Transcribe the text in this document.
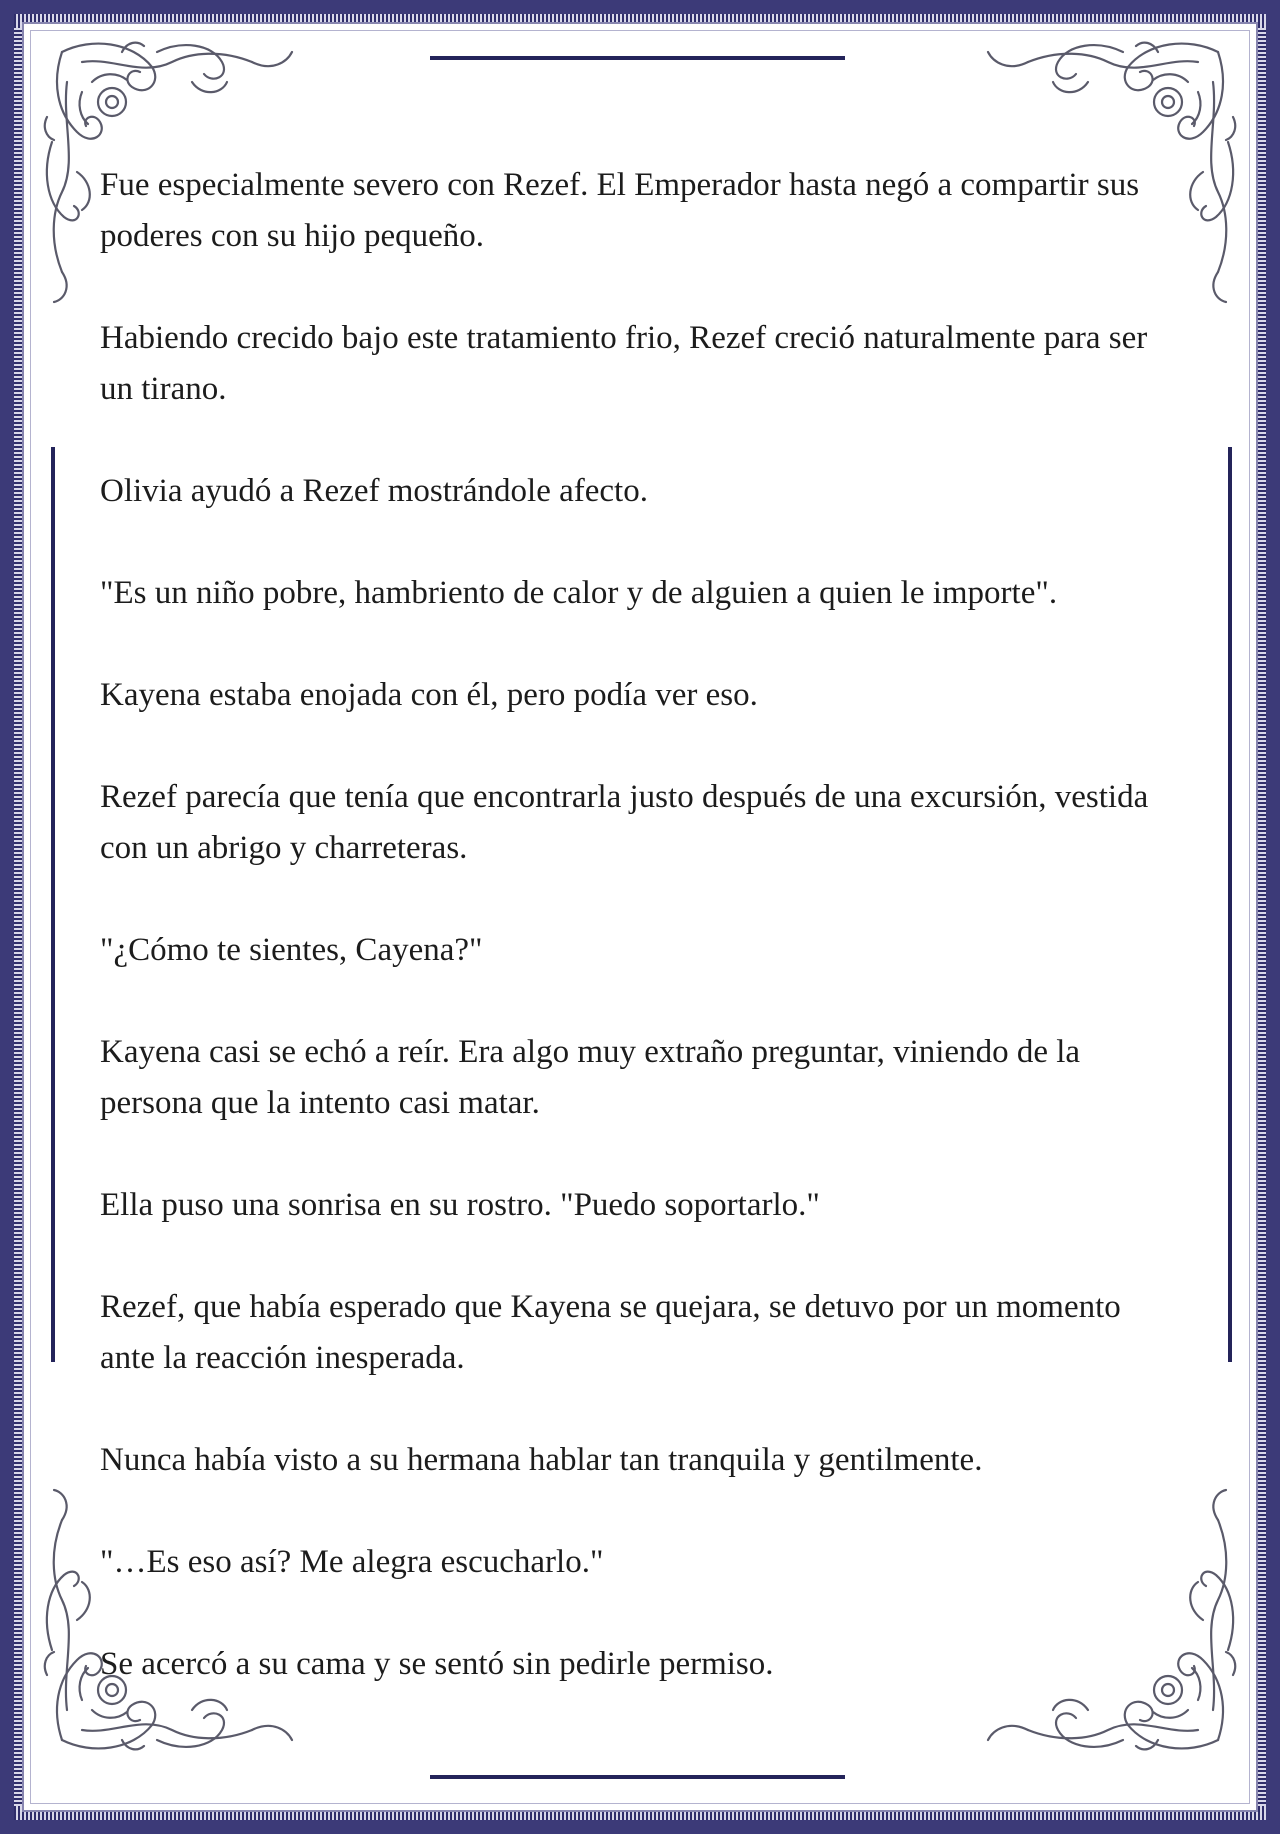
Fue especialmente severo con Rezef. El Emperador hasta negó a compartir sus poderes con su hijo pequeño.

Habiendo crecido bajo este tratamiento frio, Rezef creció naturalmente para ser un tirano.

Olivia ayudó a Rezef mostrándole afecto.

"Es un niño pobre, hambriento de calor y de alguien a quien le importe".

Kayena estaba enojada con él, pero podía ver eso.

Rezef parecía que tenía que encontrarla justo después de una excursión, vestida con un abrigo y charreteras.

"¿Cómo te sientes, Cayena?"

Kayena casi se echó a reír. Era algo muy extraño preguntar, viniendo de la persona que la intento casi matar.

Ella puso una sonrisa en su rostro. "Puedo soportarlo."

Rezef, que había esperado que Kayena se quejara, se detuvo por un momento ante la reacción inesperada.

Nunca había visto a su hermana hablar tan tranquila y gentilmente.

"…Es eso así? Me alegra escucharlo."

Se acercó a su cama y se sentó sin pedirle permiso.
